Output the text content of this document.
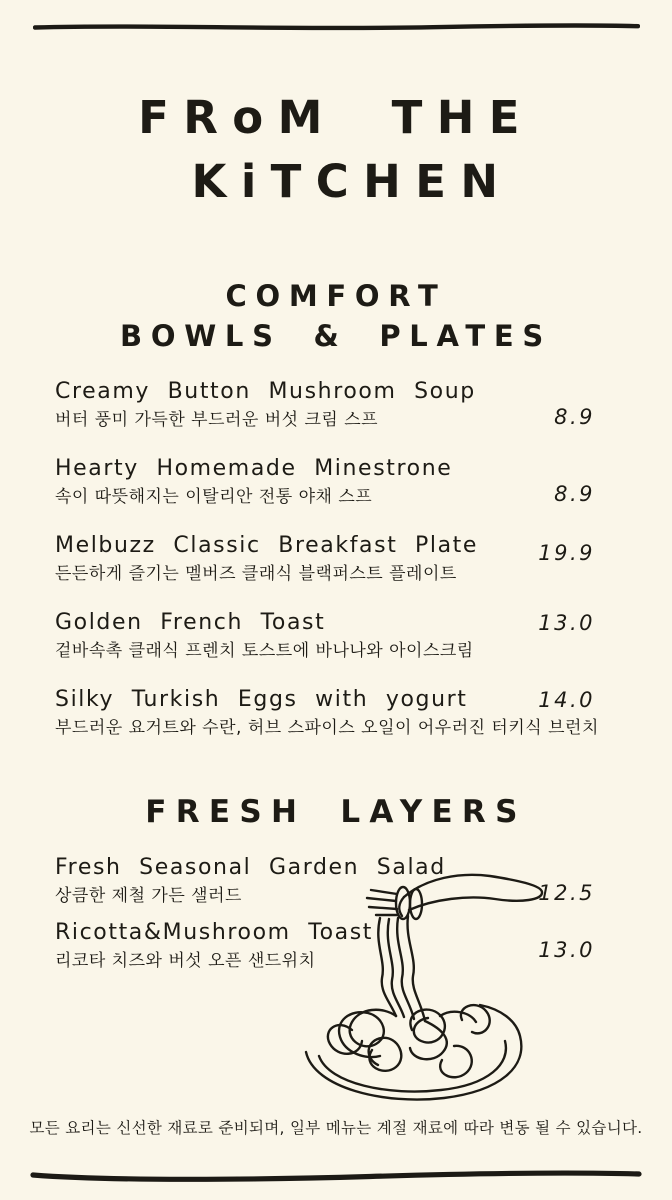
FRoM THE
KiTCHEN
COMFORT
BOWLS & PLATES
Creamy Button Mushroom Soup
버터 풍미 가득한 부드러운 버섯 크림 스프	8.9
Hearty Homemade Minestrone
속이 따뜻해지는 이탈리안 전통 야채 스프	8.9
Melbuzz Classic Breakfast Plate
든든하게 즐기는 멜버즈 클래식 블랙퍼스트 플레이트
19.9
Golden French Toast
겉바속촉 클래식 프렌치 토스트에 바나나와 아이스크림
13.0
Silky Turkish Eggs with yogurt
부드러운 요거트와 수란, 허브 스파이스 오일이 어우러진 터키식 브런치
14.0
FRESH LAYERS
Fresh Seasonal Garden Salad
상큼한 제철 가든 샐러드	12.5
Ricotta&Mushroom Toast
리코타 치즈와 버섯 오픈 샌드위치	13.0

모든 요리는 신선한 재료로 준비되며, 일부 메뉴는 계절 재료에 따라 변동 될 수 있습니다.
